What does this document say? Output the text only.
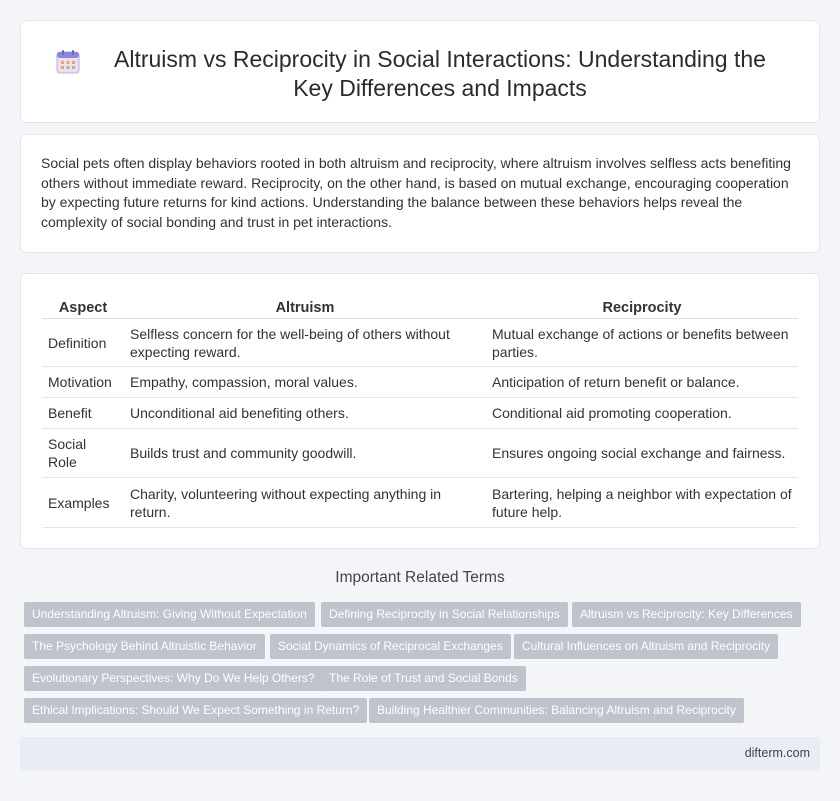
Altruism vs Reciprocity in Social Interactions: Understanding the Key Differences and Impacts

Social pets often display behaviors rooted in both altruism and reciprocity, where altruism involves selfless acts benefiting others without immediate reward. Reciprocity, on the other hand, is based on mutual exchange, encouraging cooperation by expecting future returns for kind actions. Understanding the balance between these behaviors helps reveal the complexity of social bonding and trust in pet interactions.

Aspect	Altruism	Reciprocity
Definition	Selfless concern for the well-being of others without expecting reward.	Mutual exchange of actions or benefits between parties.
Motivation	Empathy, compassion, moral values.	Anticipation of return benefit or balance.
Benefit	Unconditional aid benefiting others.	Conditional aid promoting cooperation.
Social Role	Builds trust and community goodwill.	Ensures ongoing social exchange and fairness.
Examples	Charity, volunteering without expecting anything in return.	Bartering, helping a neighbor with expectation of future help.
Important Related Terms
Understanding Altruism: Giving Without Expectation	Defining Reciprocity in Social Relationships	Altruism vs Reciprocity: Key Differences
The Psychology Behind Altruistic Behavior	Social Dynamics of Reciprocal Exchanges	Cultural Influences on Altruism and Reciprocity
Evolutionary Perspectives: Why Do We Help Others?	The Role of Trust and Social Bonds
Ethical Implications: Should We Expect Something in Return?	Building Healthier Communities: Balancing Altruism and Reciprocity
difterm.com
